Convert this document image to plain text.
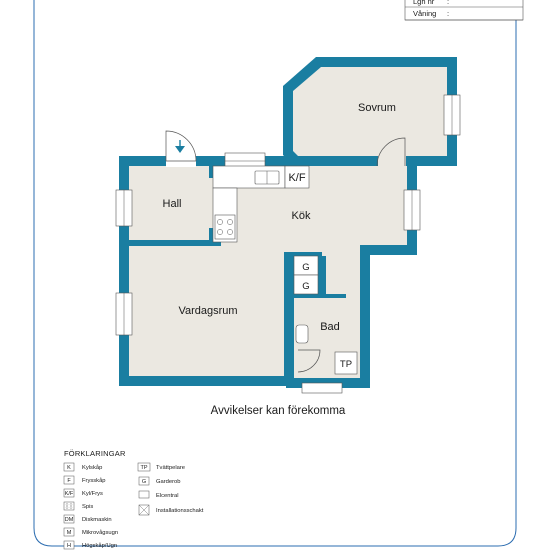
Lgh nr :
Våning :
K/F
G
G
TP
Sovrum
Hall
Kök
Vardagsrum
Bad
Avvikelser kan förekomma
FÖRKLARINGAR
K Kylskåp
F Frysskåp
K/F Kyl/Frys
Spis
DM Diskmaskin
M Mikrovågsugn
H Högskåp/Ugn
TP Tvättpelare
G Garderob
Elcentral
Installationsschakt
